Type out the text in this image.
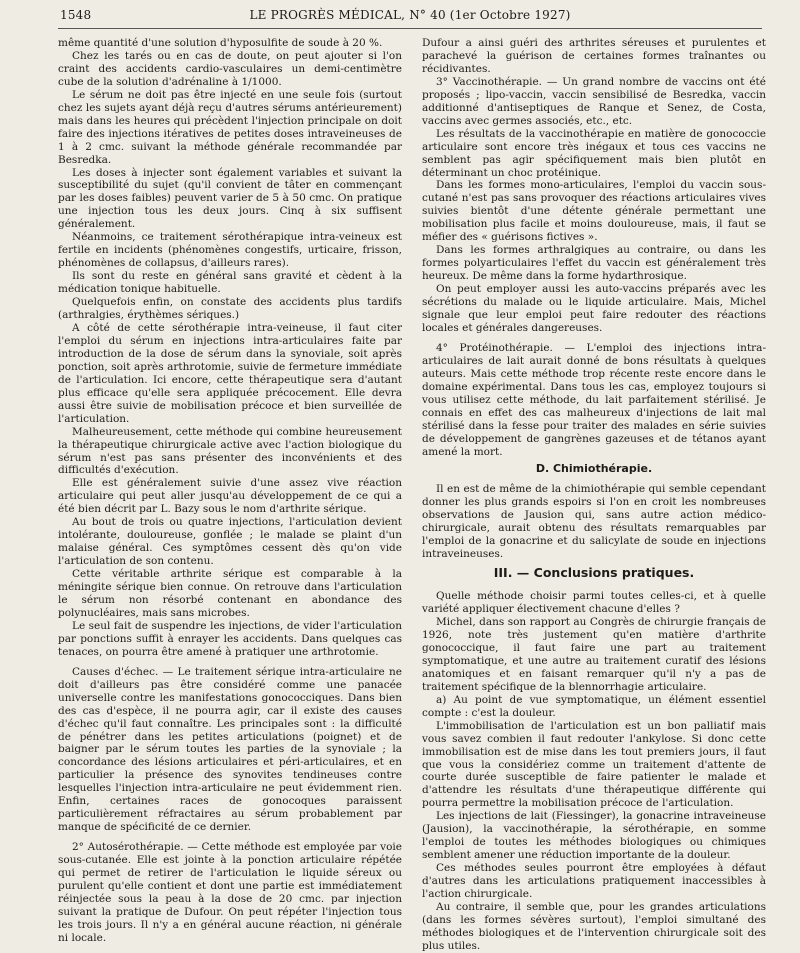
1548	LE PROGRÈS MÉDICAL, N° 40 (1er Octobre 1927)

même quantité d'une solution d'hyposulfite de soude à 20 %.

Chez les tarés ou en cas de doute, on peut ajouter si l'on craint des accidents cardio-vasculaires un demi-centimètre cube de la solution d'adrénaline à 1/1000.

Le sérum ne doit pas être injecté en une seule fois (surtout chez les sujets ayant déjà reçu d'autres sérums antérieurement) mais dans les heures qui précèdent l'injection principale on doit faire des injections itératives de petites doses intraveineuses de 1 à 2 cmc. suivant la méthode générale recommandée par Besredka.

Les doses à injecter sont également variables et suivant la susceptibilité du sujet (qu'il convient de tâter en commençant par les doses faibles) peuvent varier de 5 à 50 cmc. On pratique une injection tous les deux jours. Cinq à six suffisent généralement.

Néanmoins, ce traitement sérothérapique intra-veineux est fertile en incidents (phénomènes congestifs, urticaire, frisson, phénomènes de collapsus, d'ailleurs rares).

Ils sont du reste en général sans gravité et cèdent à la médication tonique habituelle.

Quelquefois enfin, on constate des accidents plus tardifs (arthralgies, érythèmes sériques.)

A côté de cette sérothérapie intra-veineuse, il faut citer l'emploi du sérum en injections intra-articulaires faite par introduction de la dose de sérum dans la synoviale, soit après ponction, soit après arthrotomie, suivie de fermeture immédiate de l'articulation. Ici encore, cette thérapeutique sera d'autant plus efficace qu'elle sera appliquée précocement. Elle devra aussi être suivie de mobilisation précoce et bien surveillée de l'articulation.

Malheureusement, cette méthode qui combine heureusement la thérapeutique chirurgicale active avec l'action biologique du sérum n'est pas sans présenter des inconvénients et des difficultés d'exécution.

Elle est généralement suivie d'une assez vive réaction articulaire qui peut aller jusqu'au développement de ce qui a été bien décrit par L. Bazy sous le nom d'arthrite sérique.

Au bout de trois ou quatre injections, l'articulation devient intolérante, douloureuse, gonflée ; le malade se plaint d'un malaise général. Ces symptômes cessent dès qu'on vide l'articulation de son contenu.

Cette véritable arthrite sérique est comparable à la méningite sérique bien connue. On retrouve dans l'articulation le sérum non résorbé contenant en abondance des polynucléaires, mais sans microbes.

Le seul fait de suspendre les injections, de vider l'articulation par ponctions suffit à enrayer les accidents. Dans quelques cas tenaces, on pourra être amené à pratiquer une arthrotomie.

Causes d'échec. — Le traitement sérique intra-articulaire ne doit d'ailleurs pas être considéré comme une panacée universelle contre les manifestations gonococciques. Dans bien des cas d'espèce, il ne pourra agir, car il existe des causes d'échec qu'il faut connaître. Les principales sont : la difficulté de pénétrer dans les petites articulations (poignet) et de baigner par le sérum toutes les parties de la synoviale ; la concordance des lésions articulaires et péri-articulaires, et en particulier la présence des synovites tendineuses contre lesquelles l'injection intra-articulaire ne peut évidemment rien. Enfin, certaines races de gonocoques paraissent particulièrement réfractaires au sérum probablement par manque de spécificité de ce dernier.

2° Autosérothérapie. — Cette méthode est employée par voie sous-cutanée. Elle est jointe à la ponction articulaire répétée qui permet de retirer de l'articulation le liquide séreux ou purulent qu'elle contient et dont une partie est immédiatement réinjectée sous la peau à la dose de 20 cmc. par injection suivant la pratique de Dufour. On peut répéter l'injection tous les trois jours. Il n'y a en général aucune réaction, ni générale ni locale.

Dufour a ainsi guéri des arthrites séreuses et purulentes et parachevé la guérison de certaines formes traînantes ou récidivantes.

3° Vaccinothérapie. — Un grand nombre de vaccins ont été proposés ; lipo-vaccin, vaccin sensibilisé de Besredka, vaccin additionné d'antiseptiques de Ranque et Senez, de Costa, vaccins avec germes associés, etc., etc.

Les résultats de la vaccinothérapie en matière de gonococcie articulaire sont encore très inégaux et tous ces vaccins ne semblent pas agir spécifiquement mais bien plutôt en déterminant un choc protéinique.

Dans les formes mono-articulaires, l'emploi du vaccin sous-cutané n'est pas sans provoquer des réactions articulaires vives suivies bientôt d'une détente générale permettant une mobilisation plus facile et moins douloureuse, mais, il faut se méfier des « guérisons fictives ».

Dans les formes arthralgiques au contraire, ou dans les formes polyarticulaires l'effet du vaccin est généralement très heureux. De même dans la forme hydarthrosique.

On peut employer aussi les auto-vaccins préparés avec les sécrétions du malade ou le liquide articulaire. Mais, Michel signale que leur emploi peut faire redouter des réactions locales et générales dangereuses.

4° Protéinothérapie. — L'emploi des injections intra-articulaires de lait aurait donné de bons résultats à quelques auteurs. Mais cette méthode trop récente reste encore dans le domaine expérimental. Dans tous les cas, employez toujours si vous utilisez cette méthode, du lait parfaitement stérilisé. Je connais en effet des cas malheureux d'injections de lait mal stérilisé dans la fesse pour traiter des malades en série suivies de développement de gangrènes gazeuses et de tétanos ayant amené la mort.

D. Chimiothérapie.

Il en est de même de la chimiothérapie qui semble cependant donner les plus grands espoirs si l'on en croit les nombreuses observations de Jausion qui, sans autre action médico-chirurgicale, aurait obtenu des résultats remarquables par l'emploi de la gonacrine et du salicylate de soude en injections intraveineuses.

III. — Conclusions pratiques.

Quelle méthode choisir parmi toutes celles-ci, et à quelle variété appliquer électivement chacune d'elles ?

Michel, dans son rapport au Congrès de chirurgie français de 1926, note très justement qu'en matière d'arthrite gonococcique, il faut faire une part au traitement symptomatique, et une autre au traitement curatif des lésions anatomiques et en faisant remarquer qu'il n'y a pas de traitement spécifique de la blennorrhagie articulaire.

a) Au point de vue symptomatique, un élément essentiel compte : c'est la douleur.

L'immobilisation de l'articulation est un bon palliatif mais vous savez combien il faut redouter l'ankylose. Si donc cette immobilisation est de mise dans les tout premiers jours, il faut que vous la considériez comme un traitement d'attente de courte durée susceptible de faire patienter le malade et d'attendre les résultats d'une thérapeutique différente qui pourra permettre la mobilisation précoce de l'articulation.

Les injections de lait (Fiessinger), la gonacrine intraveineuse (Jausion), la vaccinothérapie, la sérothérapie, en somme l'emploi de toutes les méthodes biologiques ou chimiques semblent amener une réduction importante de la douleur.

Ces méthodes seules pourront être employées à défaut d'autres dans les articulations pratiquement inaccessibles à l'action chirurgicale.

Au contraire, il semble que, pour les grandes articulations (dans les formes sévères surtout), l'emploi simultané des méthodes biologiques et de l'intervention chirurgicale soit des plus utiles.
